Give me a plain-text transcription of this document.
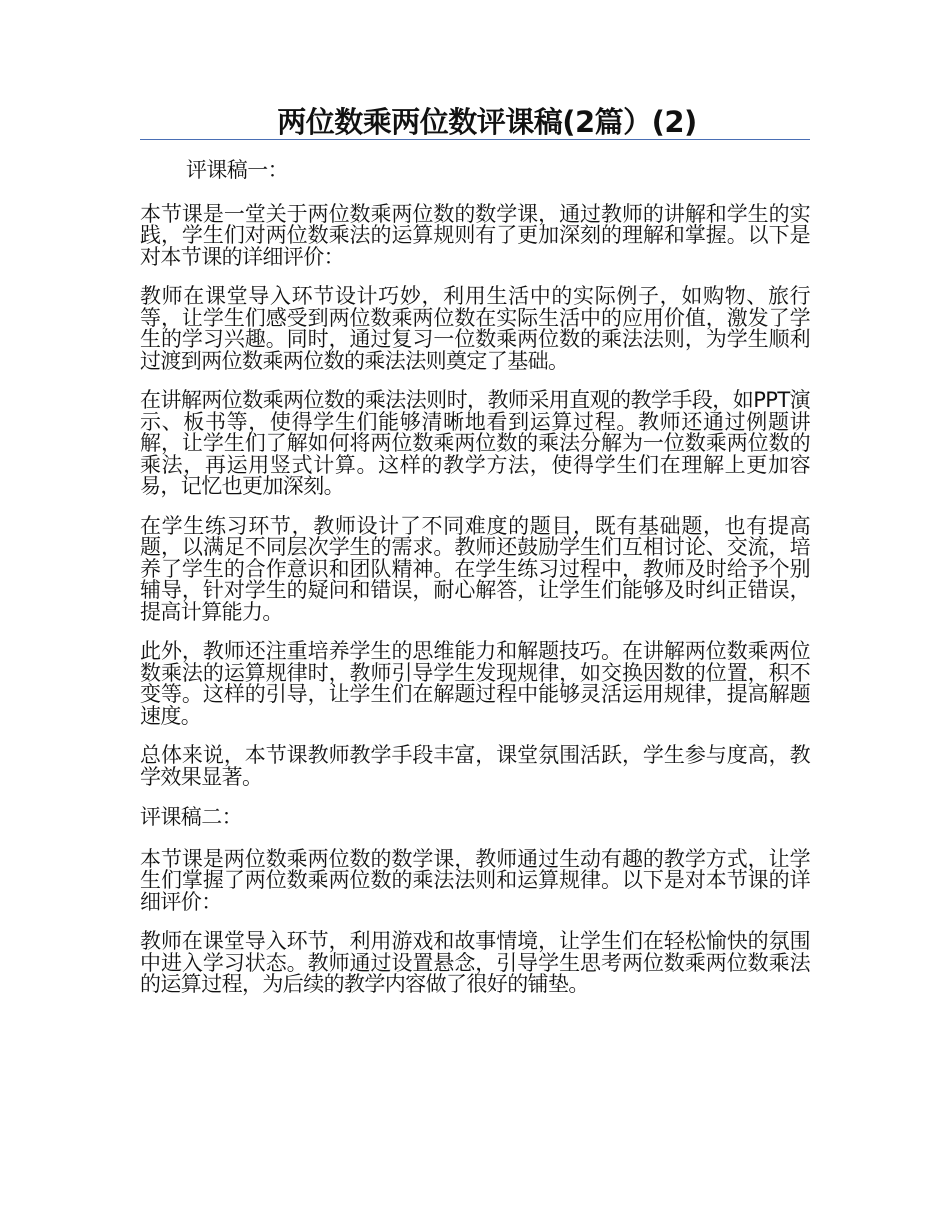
两位数乘两位数评课稿(2篇）(2)

评课稿一：

本节课是一堂关于两位数乘两位数的数学课，通过教师的讲解和学生的实践，学生们对两位数乘法的运算规则有了更加深刻的理解和掌握。以下是对本节课的详细评价：

教师在课堂导入环节设计巧妙，利用生活中的实际例子，如购物、旅行等，让学生们感受到两位数乘两位数在实际生活中的应用价值，激发了学生的学习兴趣。同时，通过复习一位数乘两位数的乘法法则，为学生顺利过渡到两位数乘两位数的乘法法则奠定了基础。

在讲解两位数乘两位数的乘法法则时，教师采用直观的教学手段，如PPT演示、板书等，使得学生们能够清晰地看到运算过程。教师还通过例题讲解，让学生们了解如何将两位数乘两位数的乘法分解为一位数乘两位数的乘法，再运用竖式计算。这样的教学方法，使得学生们在理解上更加容易，记忆也更加深刻。

在学生练习环节，教师设计了不同难度的题目，既有基础题，也有提高题，以满足不同层次学生的需求。教师还鼓励学生们互相讨论、交流，培养了学生的合作意识和团队精神。在学生练习过程中，教师及时给予个别辅导，针对学生的疑问和错误，耐心解答，让学生们能够及时纠正错误，提高计算能力。

此外，教师还注重培养学生的思维能力和解题技巧。在讲解两位数乘两位数乘法的运算规律时，教师引导学生发现规律，如交换因数的位置，积不变等。这样的引导，让学生们在解题过程中能够灵活运用规律，提高解题速度。

总体来说，本节课教师教学手段丰富，课堂氛围活跃，学生参与度高，教学效果显著。

评课稿二：

本节课是两位数乘两位数的数学课，教师通过生动有趣的教学方式，让学生们掌握了两位数乘两位数的乘法法则和运算规律。以下是对本节课的详细评价：

教师在课堂导入环节，利用游戏和故事情境，让学生们在轻松愉快的氛围中进入学习状态。教师通过设置悬念，引导学生思考两位数乘两位数乘法的运算过程，为后续的教学内容做了很好的铺垫。
